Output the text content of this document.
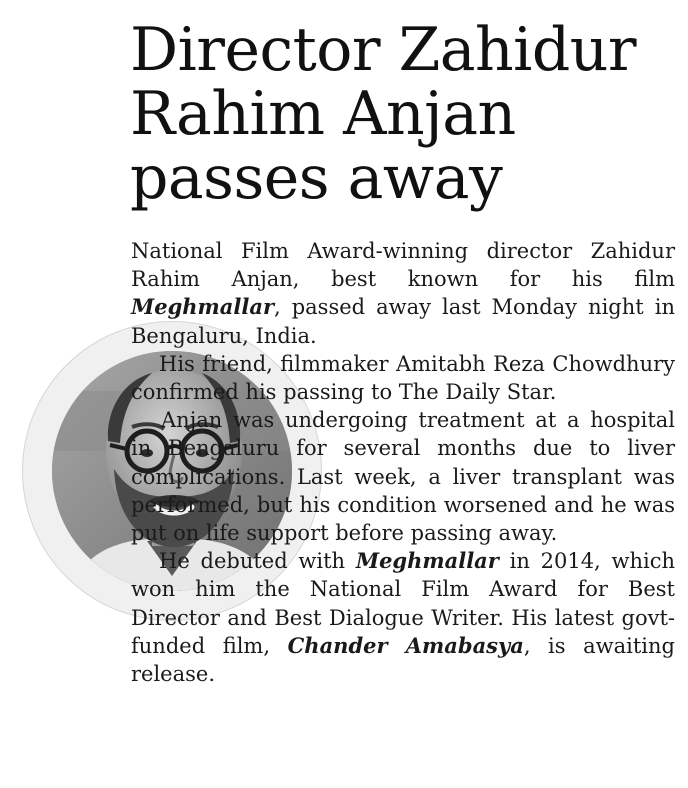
Director Zahidur
Rahim Anjan
passes away

National Film Award-winning director Zahidur Rahim Anjan, best known for his film Meghmallar, passed away last Monday night in Bengaluru, India.

His friend, filmmaker Amitabh Reza Chowdhury confirmed his passing to The Daily Star.

Anjan was undergoing treatment at a hospital in Bengaluru for several months due to liver complications. Last week, a liver transplant was performed, but his condition worsened and he was put on life support before passing away.

He debuted with Meghmallar in 2014, which won him the National Film Award for Best Director and Best Dialogue Writer. His latest govt-funded film, Chander Amabasya, is awaiting release.
